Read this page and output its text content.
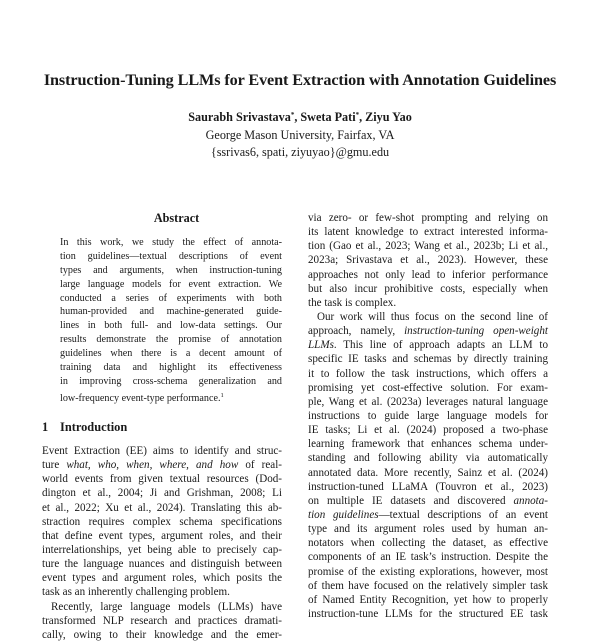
Instruction-Tuning LLMs for Event Extraction with Annotation Guidelines
Saurabh Srivastava*, Sweta Pati*, Ziyu Yao
George Mason University, Fairfax, VA
{ssrivas6, spati, ziyuyao}@gmu.edu
Abstract
In this work, we study the effect of annota-
tion guidelines—textual descriptions of event
types and arguments, when instruction-tuning
large language models for event extraction. We
conducted a series of experiments with both
human-provided and machine-generated guide-
lines in both full- and low-data settings. Our
results demonstrate the promise of annotation
guidelines when there is a decent amount of
training data and highlight its effectiveness
in improving cross-schema generalization and
low-frequency event-type performance.$^1$
1 Introduction
Event Extraction (EE) aims to identify and struc-
ture what, who, when, where, and how of real-
world events from given textual resources (Dod-
dington et al., 2004; Ji and Grishman, 2008; Li
et al., 2022; Xu et al., 2024). Translating this ab-
straction requires complex schema specifications
that define event types, argument roles, and their
interrelationships, yet being able to precisely cap-
ture the language nuances and distinguish between
event types and argument roles, which posits the
task as an inherently challenging problem.
Recently, large language models (LLMs) have
transformed NLP research and practices dramati-
cally, owing to their knowledge and the emer-
via zero- or few-shot prompting and relying on
its latent knowledge to extract interested informa-
tion (Gao et al., 2023; Wang et al., 2023b; Li et al.,
2023a; Srivastava et al., 2023). However, these
approaches not only lead to inferior performance
but also incur prohibitive costs, especially when
the task is complex.
Our work will thus focus on the second line of
approach, namely, instruction-tuning open-weight
LLMs. This line of approach adapts an LLM to
specific IE tasks and schemas by directly training
it to follow the task instructions, which offers a
promising yet cost-effective solution. For exam-
ple, Wang et al. (2023a) leverages natural language
instructions to guide large language models for
IE tasks; Li et al. (2024) proposed a two-phase
learning framework that enhances schema under-
standing and following ability via automatically
annotated data. More recently, Sainz et al. (2024)
instruction-tuned LLaMA (Touvron et al., 2023)
on multiple IE datasets and discovered annota-
tion guidelines—textual descriptions of an event
type and its argument roles used by human an-
notators when collecting the dataset, as effective
components of an IE task’s instruction. Despite the
promise of the existing explorations, however, most
of them have focused on the relatively simpler task
of Named Entity Recognition, yet how to properly
instruction-tune LLMs for the structured EE task
